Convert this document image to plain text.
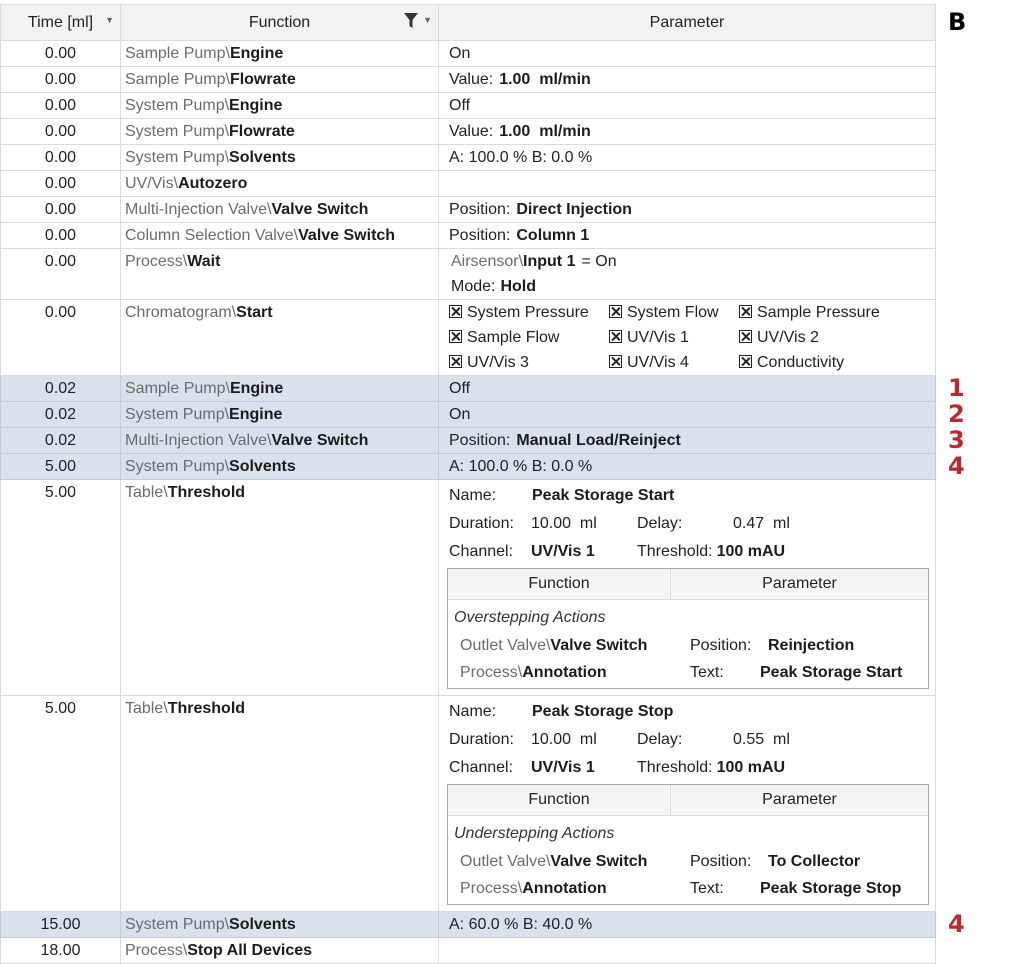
B
Time [ml] ▼	Function ▼	Parameter
0.00	Sample Pump\Engine	On
0.00	Sample Pump\Flowrate	Value: 1.00  ml/min
0.00	System Pump\Engine	Off
0.00	System Pump\Flowrate	Value: 1.00  ml/min
0.00	System Pump\Solvents	A: 100.0 % B: 0.0 %
0.00	UV/Vis\Autozero	
0.00	Multi-Injection Valve\Valve Switch	Position: Direct Injection
0.00	Column Selection Valve\Valve Switch	Position: Column 1
0.00	Process\Wait	Airsensor\Input 1 = On
Mode: Hold

0.00	Chromatogram\Start	System Pressure	System Flow	Sample Pressure
Sample Flow	UV/Vis 1	UV/Vis 2
UV/Vis 3	UV/Vis 4	Conductivity

0.02	Sample Pump\Engine	Off
0.02	System Pump\Engine	On
0.02	Multi-Injection Valve\Valve Switch	Position: Manual Load/Reinject
5.00	System Pump\Solvents	A: 100.0 % B: 0.0 %
5.00	Table\Threshold	Name: Peak Storage Start
Duration: 10.00  ml	Delay:	0.47  ml
Channel: UV/Vis 1	Threshold: 100 mAU
Function	Parameter
Overstepping Actions
Outlet Valve\Valve Switch	Position: Reinjection
Process\Annotation	Text: Peak Storage Start

5.00	Table\Threshold	Name: Peak Storage Stop
Duration: 10.00  ml	Delay:	0.55  ml
Channel: UV/Vis 1	Threshold: 100 mAU
Function	Parameter
Understepping Actions
Outlet Valve\Valve Switch	Position: To Collector
Process\Annotation	Text: Peak Storage Stop

15.00	System Pump\Solvents	A: 60.0 % B: 40.0 %
18.00	Process\Stop All Devices	
1
2
3
4
4
